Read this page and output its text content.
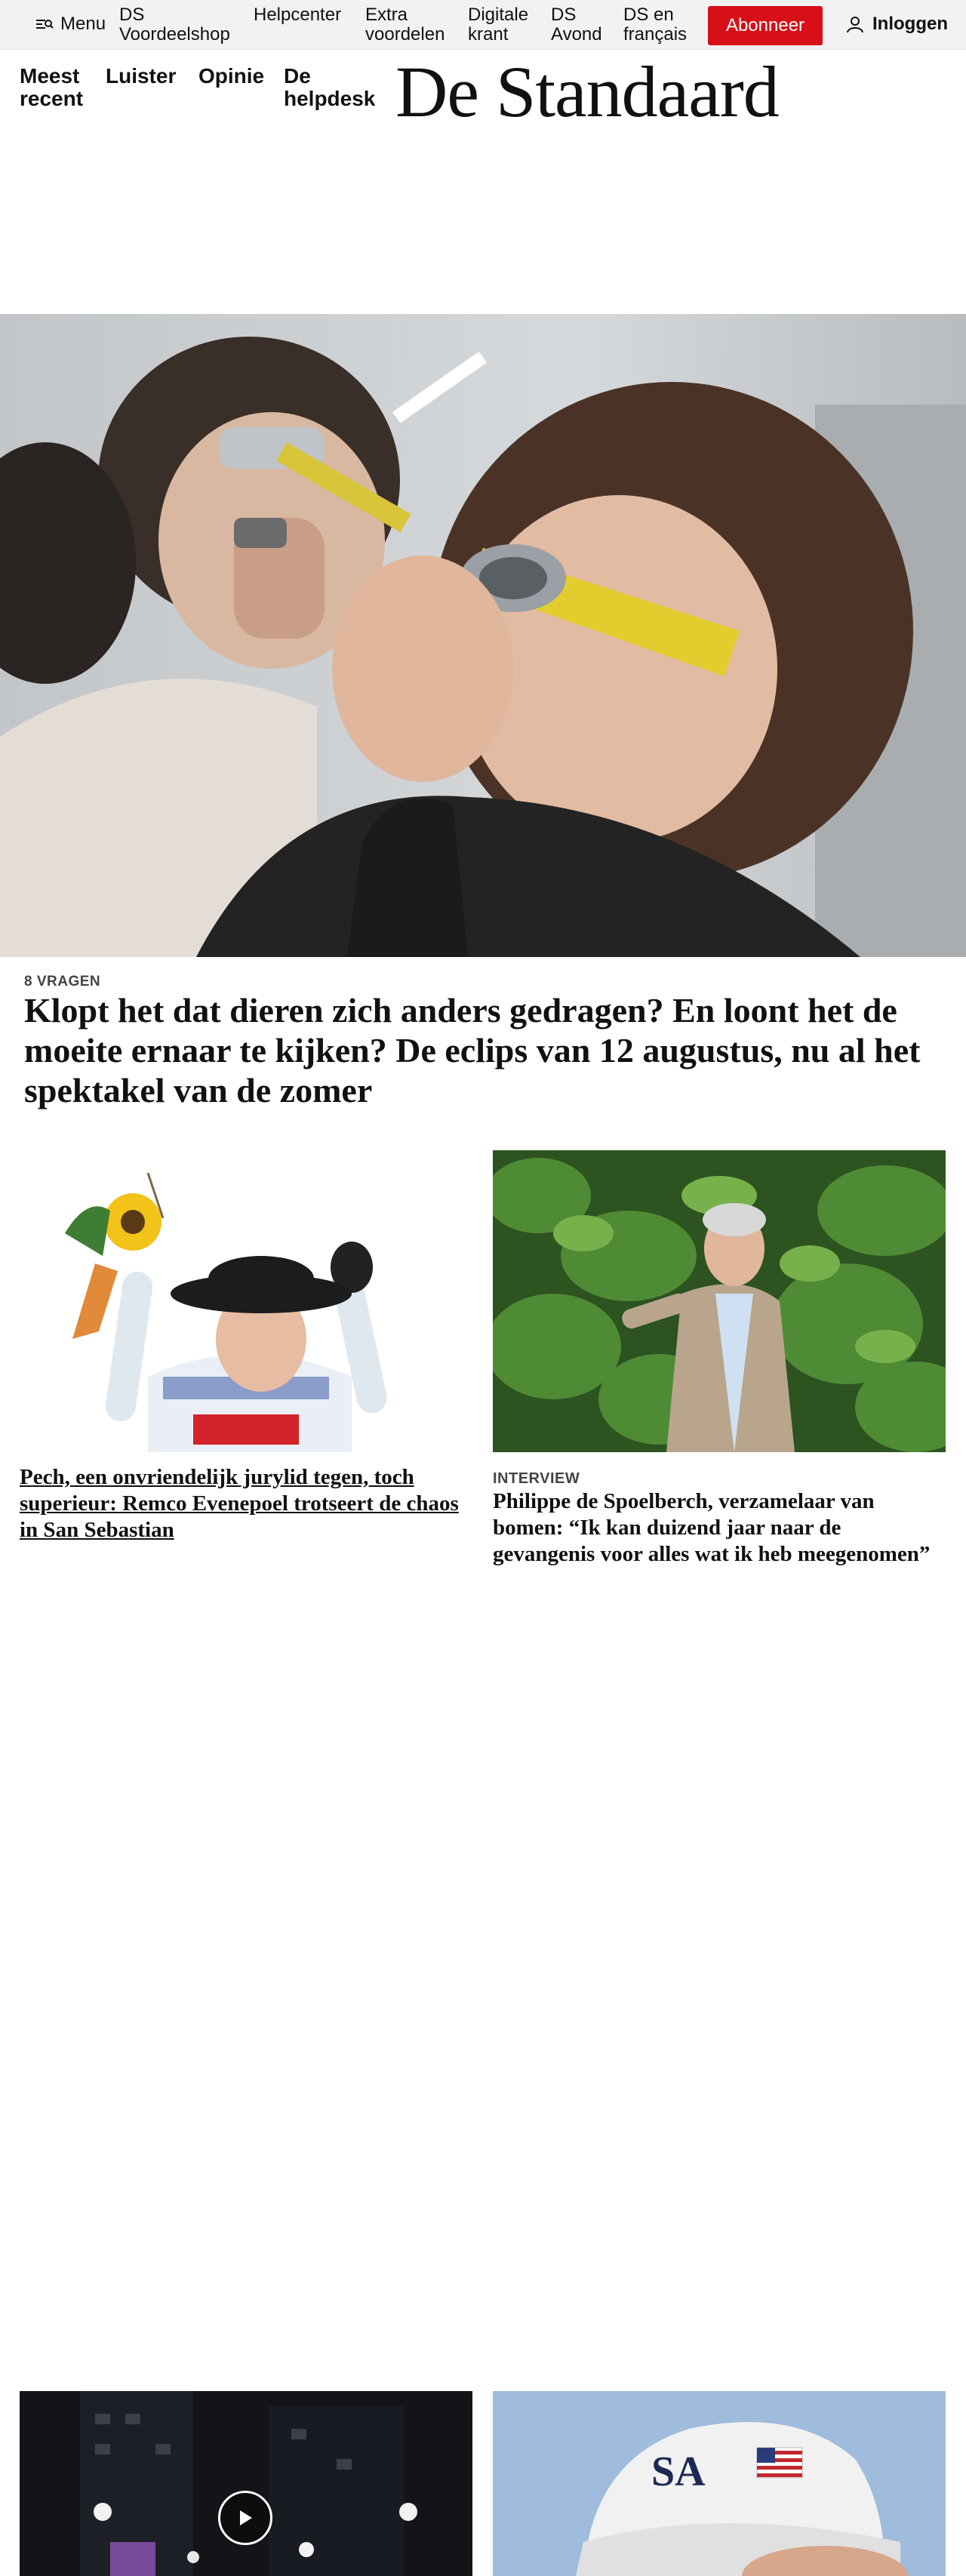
Menu DS Voordeelshop
Helpcenter Extra voordelen
Digitale krant
DS Avond
DS en français	Abonneer	Inloggen
Meest recent
Luister Opinie De helpdesk De Standaard
8 VRAGEN
Klopt het dat dieren zich anders gedragen? En loont het de moeite ernaar te kijken? De eclips van 12 augustus, nu al het spektakel van de zomer
Pech, een onvriendelijk jurylid tegen, toch superieur: Remco Evenepoel trotseert de chaos in San Sebastian
INTERVIEW
Philippe de Spoelberch, verzamelaar van bomen: “Ik kan duizend jaar naar de gevangenis voor alles wat ik heb meegenomen”
SA
